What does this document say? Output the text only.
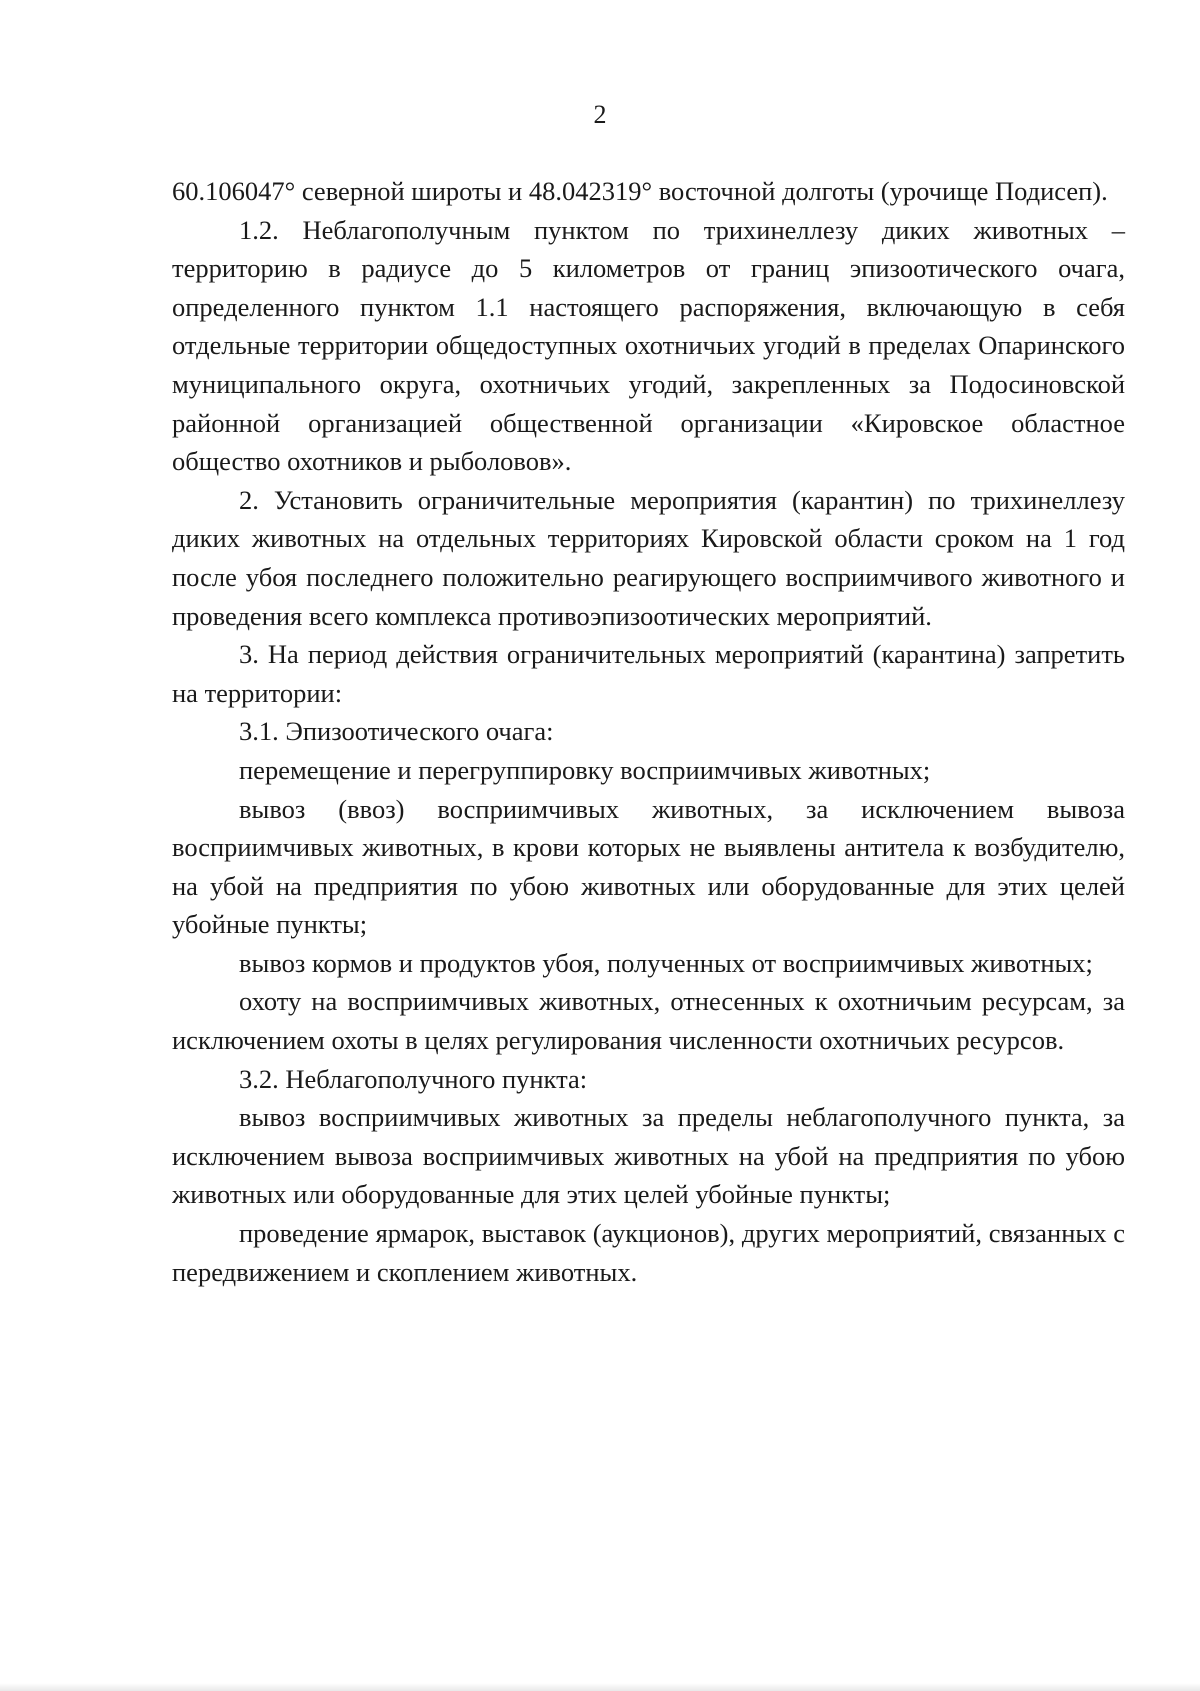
2

60.106047° северной широты и 48.042319° восточной долготы (урочище Подисеп).

1.2. Неблагополучным пунктом по трихинеллезу диких животных – территорию в радиусе до 5 километров от границ эпизоотического очага, определенного пунктом 1.1 настоящего распоряжения, включающую в себя отдельные территории общедоступных охотничьих угодий в пределах Опаринского муниципального округа, охотничьих угодий, закрепленных за Подосиновской районной организацией общественной организации «Кировское областное общество охотников и рыболовов».

2. Установить ограничительные мероприятия (карантин) по трихинеллезу диких животных на отдельных территориях Кировской области сроком на 1 год после убоя последнего положительно реагирующего восприимчивого животного и проведения всего комплекса противоэпизоотических мероприятий.

3. На период действия ограничительных мероприятий (карантина) запретить на территории:

3.1. Эпизоотического очага:

перемещение и перегруппировку восприимчивых животных;

вывоз (ввоз) восприимчивых животных, за исключением вывоза восприимчивых животных, в крови которых не выявлены антитела к возбудителю, на убой на предприятия по убою животных или оборудованные для этих целей убойные пункты;

вывоз кормов и продуктов убоя, полученных от восприимчивых животных;

охоту на восприимчивых животных, отнесенных к охотничьим ресурсам, за исключением охоты в целях регулирования численности охотничьих ресурсов.

3.2. Неблагополучного пункта:

вывоз восприимчивых животных за пределы неблагополучного пункта, за исключением вывоза восприимчивых животных на убой на предприятия по убою животных или оборудованные для этих целей убойные пункты;

проведение ярмарок, выставок (аукционов), других мероприятий, связанных с передвижением и скоплением животных.
